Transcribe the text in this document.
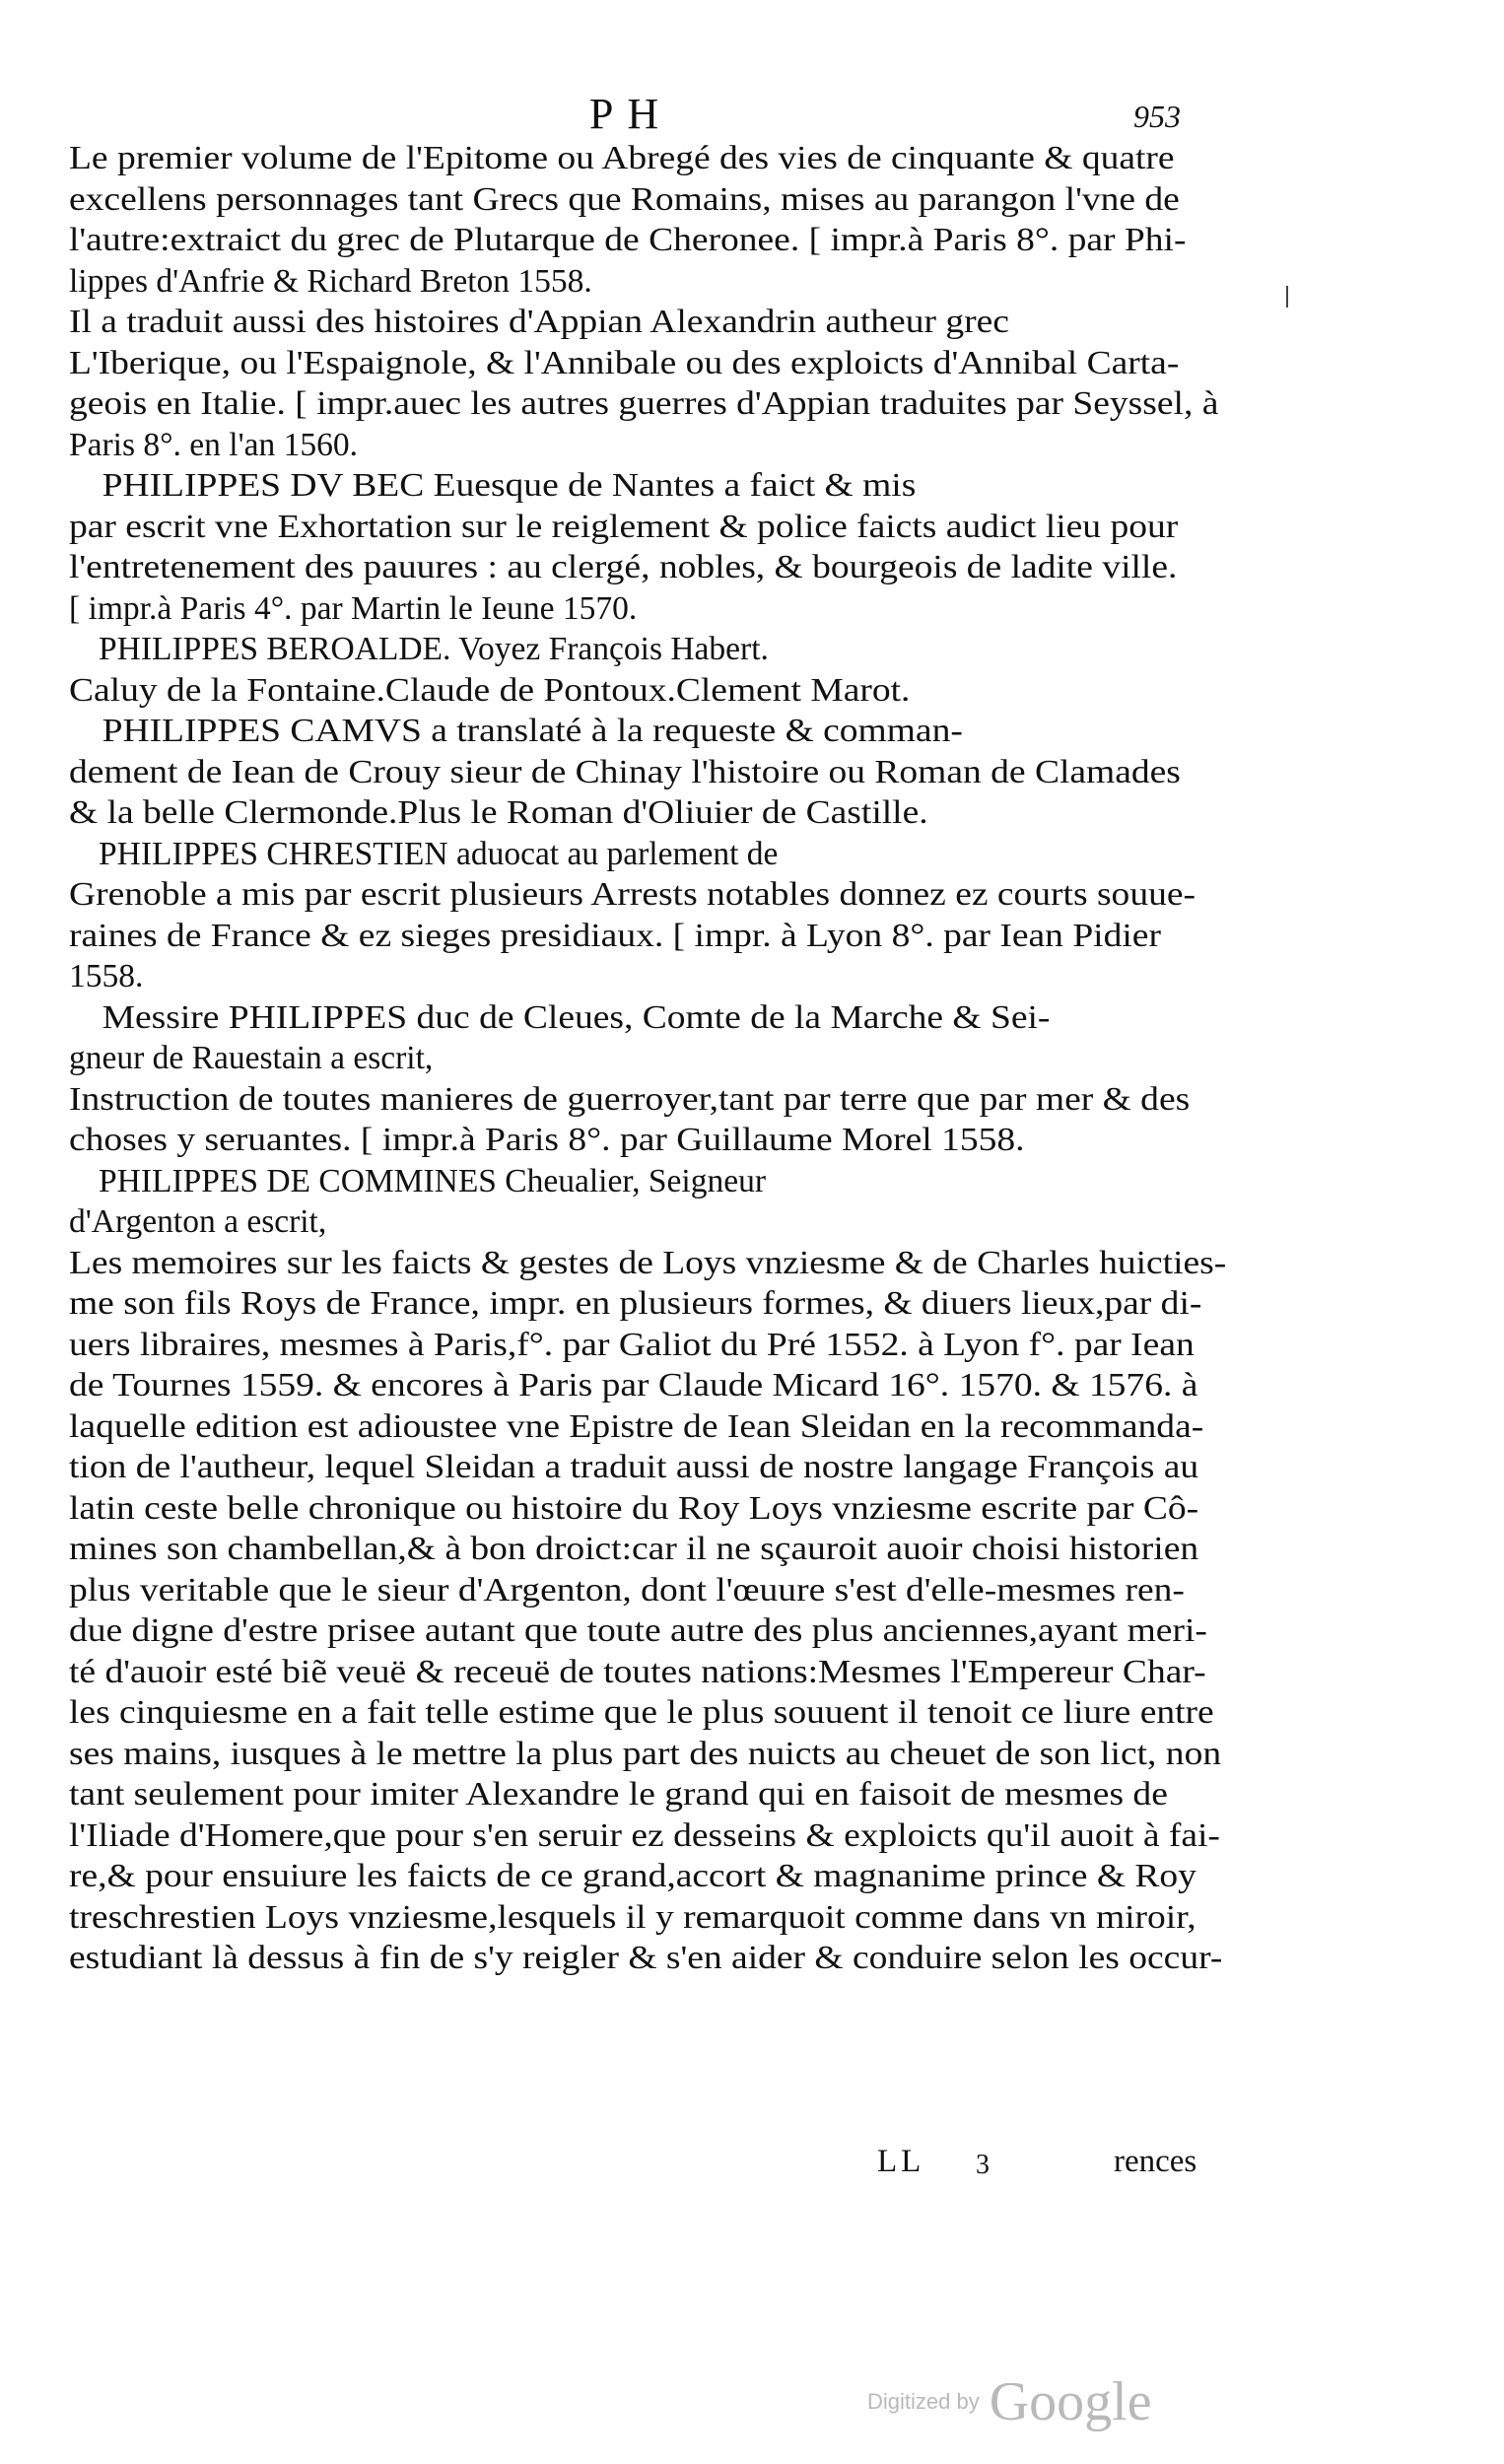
PH	953
Le premier volume de l'Epitome ou Abregé des vies de cinquante & quatre
excellens personnages tant Grecs que Romains, mises au parangon l'vne de
l'autre:extraict du grec de Plutarque de Cheronee. [ impr.à Paris 8°. par Phi-
lippes d'Anfrie & Richard Breton 1558.
Il a traduit aussi des histoires d'Appian Alexandrin autheur grec
L'Iberique, ou l'Espaignole, & l'Annibale ou des exploicts d'Annibal Carta-
geois en Italie. [ impr.auec les autres guerres d'Appian traduites par Seyssel, à
Paris 8°. en l'an 1560.
PHILIPPES DV BEC Euesque de Nantes a faict & mis
par escrit vne Exhortation sur le reiglement & police faicts audict lieu pour
l'entretenement des pauures : au clergé, nobles, & bourgeois de ladite ville.
[ impr.à Paris 4°. par Martin le Ieune 1570.
PHILIPPES BEROALDE. Voyez François Habert.
Caluy de la Fontaine.Claude de Pontoux.Clement Marot.
PHILIPPES CAMVS a translaté à la requeste & comman-
dement de Iean de Crouy sieur de Chinay l'histoire ou Roman de Clamades
& la belle Clermonde.Plus le Roman d'Oliuier de Castille.
PHILIPPES CHRESTIEN aduocat au parlement de
Grenoble a mis par escrit plusieurs Arrests notables donnez ez courts souue-
raines de France & ez sieges presidiaux. [ impr. à Lyon 8°. par Iean Pidier
1558.
Messire PHILIPPES duc de Cleues, Comte de la Marche & Sei-
gneur de Rauestain a escrit,
Instruction de toutes manieres de guerroyer,tant par terre que par mer & des
choses y seruantes. [ impr.à Paris 8°. par Guillaume Morel 1558.
PHILIPPES DE COMMINES Cheualier, Seigneur
d'Argenton a escrit,
Les memoires sur les faicts & gestes de Loys vnziesme & de Charles huicties-
me son fils Roys de France, impr. en plusieurs formes, & diuers lieux,par di-
uers libraires, mesmes à Paris,f°. par Galiot du Pré 1552. à Lyon f°. par Iean
de Tournes 1559. & encores à Paris par Claude Micard 16°. 1570. & 1576. à
laquelle edition est adioustee vne Epistre de Iean Sleidan en la recommanda-
tion de l'autheur, lequel Sleidan a traduit aussi de nostre langage François au
latin ceste belle chronique ou histoire du Roy Loys vnziesme escrite par Cô-
mines son chambellan,& à bon droict:car il ne sçauroit auoir choisi historien
plus veritable que le sieur d'Argenton, dont l'œuure s'est d'elle-mesmes ren-
due digne d'estre prisee autant que toute autre des plus anciennes,ayant meri-
té d'auoir esté biẽ veuë & receuë de toutes nations:Mesmes l'Empereur Char-
les cinquiesme en a fait telle estime que le plus souuent il tenoit ce liure entre
ses mains, iusques à le mettre la plus part des nuicts au cheuet de son lict, non
tant seulement pour imiter Alexandre le grand qui en faisoit de mesmes de
l'Iliade d'Homere,que pour s'en seruir ez desseins & exploicts qu'il auoit à fai-
re,& pour ensuiure les faicts de ce grand,accort & magnanime prince & Roy
treschrestien Loys vnziesme,lesquels il y remarquoit comme dans vn miroir,
estudiant là dessus à fin de s'y reigler & s'en aider & conduire selon les occur-
LL 3	rences
Digitized by Google
